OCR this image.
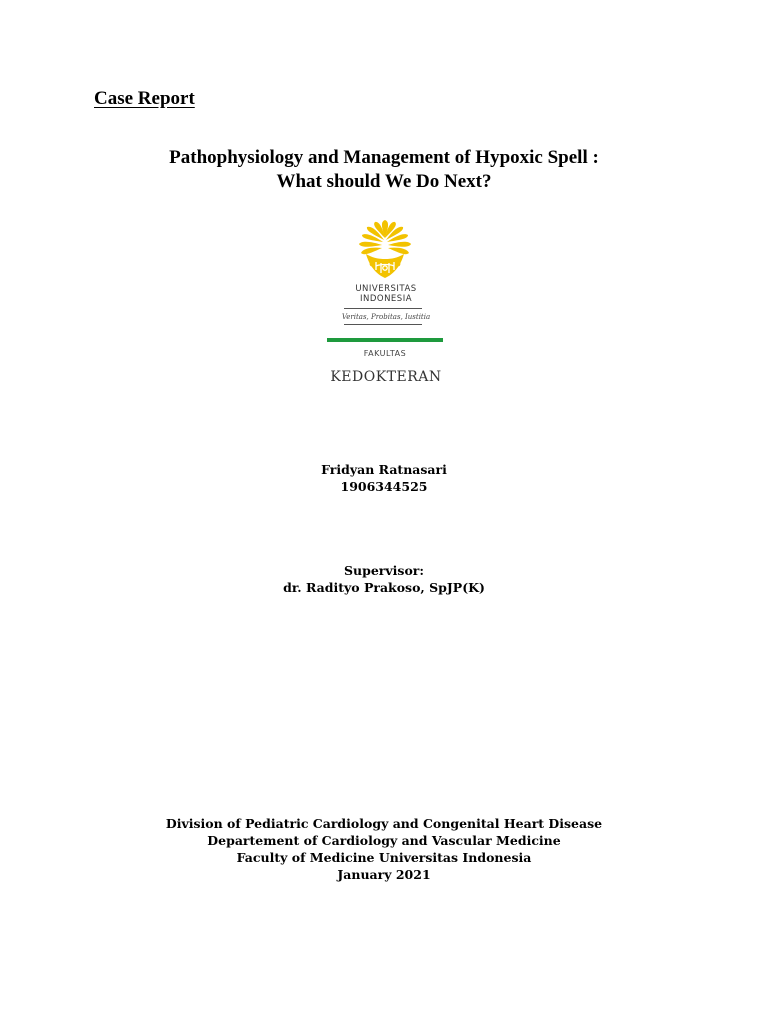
Case Report
Pathophysiology and Management of Hypoxic Spell :
What should We Do Next?
UNIVERSITAS
INDONESIA
Veritas, Probitas, Iustitia
FAKULTAS
KEDOKTERAN
Fridyan Ratnasari
1906344525
Supervisor:
dr. Radityo Prakoso, SpJP(K)
Division of Pediatric Cardiology and Congenital Heart Disease
Departement of Cardiology and Vascular Medicine
Faculty of Medicine Universitas Indonesia
January 2021
